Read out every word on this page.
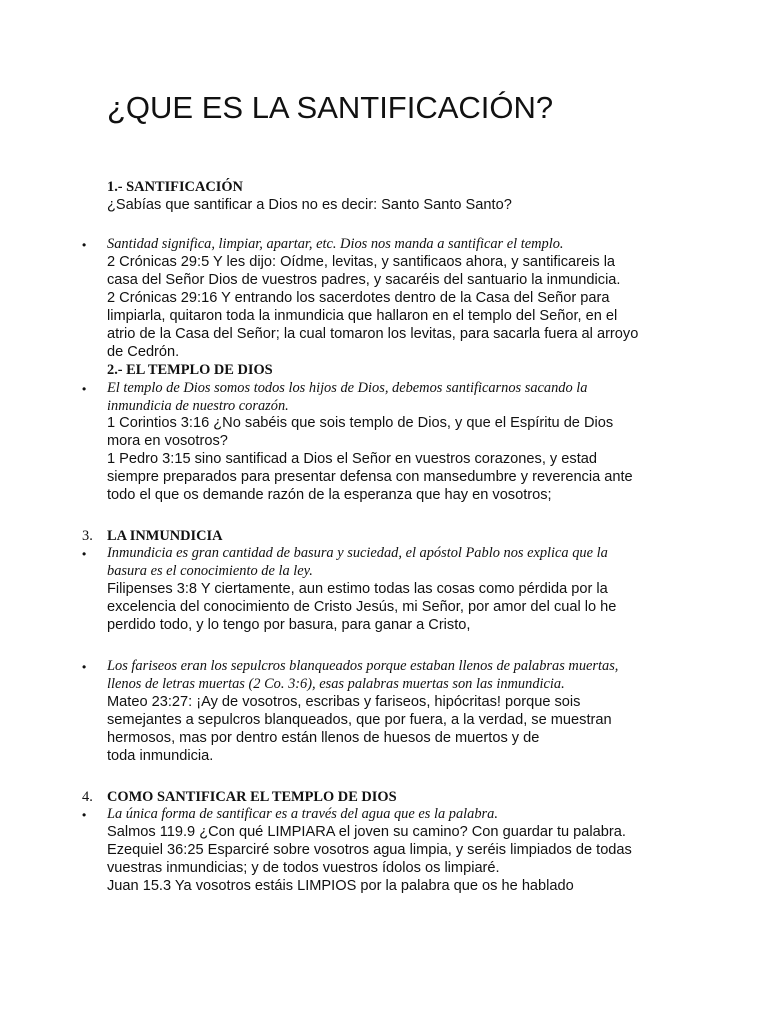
¿QUE ES LA SANTIFICACIÓN?
1.- SANTIFICACIÓN
¿Sabías que santificar a Dios no es decir: Santo Santo Santo?
• Santidad significa, limpiar, apartar, etc. Dios nos manda a santificar el templo.
2 Crónicas 29:5 Y les dijo: Oídme, levitas, y santificaos ahora, y santificareis la
casa del Señor Dios de vuestros padres, y sacaréis del santuario la inmundicia.
2 Crónicas 29:16 Y entrando los sacerdotes dentro de la Casa del Señor para
limpiarla, quitaron toda la inmundicia que hallaron en el templo del Señor, en el
atrio de la Casa del Señor; la cual tomaron los levitas, para sacarla fuera al arroyo
de Cedrón.
2.- EL TEMPLO DE DIOS
• El templo de Dios somos todos los hijos de Dios, debemos santificarnos sacando la
inmundicia de nuestro corazón.
1 Corintios 3:16 ¿No sabéis que sois templo de Dios, y que el Espíritu de Dios
mora en vosotros?
1 Pedro 3:15 sino santificad a Dios el Señor en vuestros corazones, y estad
siempre preparados para presentar defensa con mansedumbre y reverencia ante
todo el que os demande razón de la esperanza que hay en vosotros;
3. LA INMUNDICIA
• Inmundicia es gran cantidad de basura y suciedad, el apóstol Pablo nos explica que la
basura es el conocimiento de la ley.
Filipenses 3:8 Y ciertamente, aun estimo todas las cosas como pérdida por la
excelencia del conocimiento de Cristo Jesús, mi Señor, por amor del cual lo he
perdido todo, y lo tengo por basura, para ganar a Cristo,
• Los fariseos eran los sepulcros blanqueados porque estaban llenos de palabras muertas,
llenos de letras muertas (2 Co. 3:6), esas palabras muertas son las inmundicia.
Mateo 23:27: ¡Ay de vosotros, escribas y fariseos, hipócritas! porque sois
semejantes a sepulcros blanqueados, que por fuera, a la verdad, se muestran
hermosos, mas por dentro están llenos de huesos de muertos y de
toda inmundicia.
4. COMO SANTIFICAR EL TEMPLO DE DIOS
• La única forma de santificar es a través del agua que es la palabra.
Salmos 119.9 ¿Con qué LIMPIARA el joven su camino? Con guardar tu palabra.
Ezequiel 36:25 Esparciré sobre vosotros agua limpia, y seréis limpiados de todas
vuestras inmundicias; y de todos vuestros ídolos os limpiaré.
Juan 15.3 Ya vosotros estáis LIMPIOS por la palabra que os he hablado
